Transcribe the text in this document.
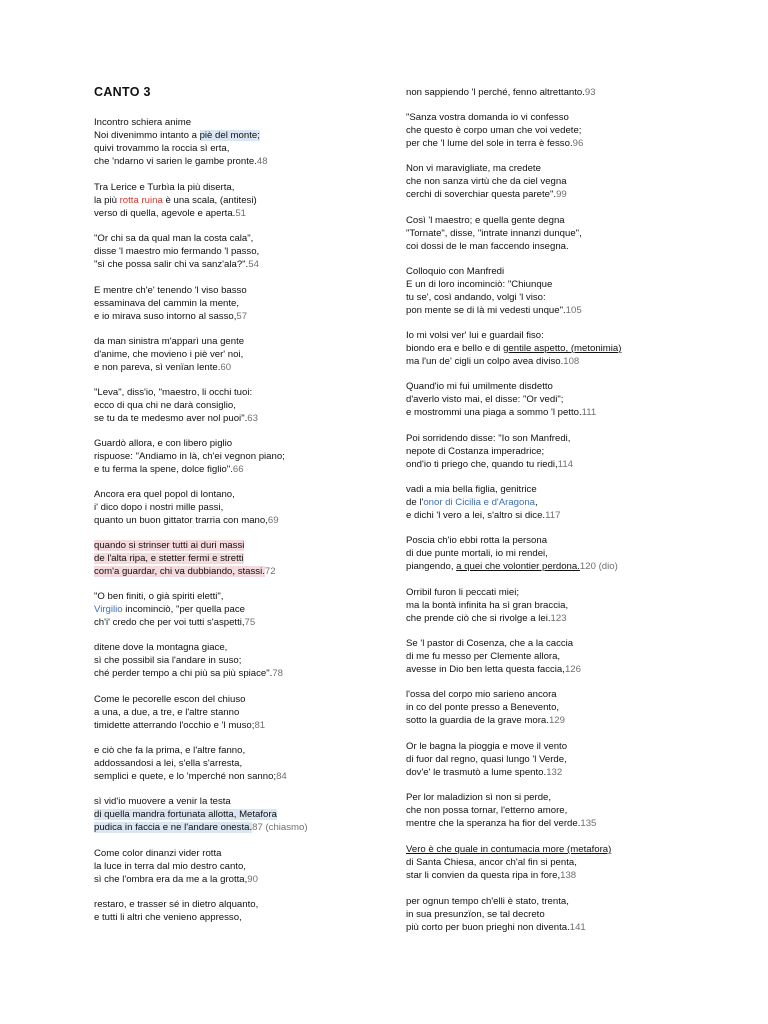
CANTO 3
Incontro schiera anime
Noi divenimmo intanto a piè del monte;
quivi trovammo la roccia sì erta,
che 'ndarno vi sarien le gambe pronte.48
Tra Lerice e Turbìa la più diserta,
la più rotta ruina è una scala, (antitesi)
verso di quella, agevole e aperta.51
"Or chi sa da qual man la costa cala",
disse 'l maestro mio fermando 'l passo,
"sì che possa salir chi va sanz'ala?".54
E mentre ch'e' tenendo 'l viso basso
essaminava del cammin la mente,
e io mirava suso intorno al sasso,57
da man sinistra m'apparì una gente
d'anime, che movieno i piè ver' noi,
e non pareva, sì venïan lente.60
"Leva", diss'io, "maestro, li occhi tuoi:
ecco di qua chi ne darà consiglio,
se tu da te medesmo aver nol puoi".63
Guardò allora, e con libero piglio
rispuose: "Andiamo in là, ch'ei vegnon piano;
e tu ferma la spene, dolce figlio".66
Ancora era quel popol di lontano,
i' dico dopo i nostri mille passi,
quanto un buon gittator trarria con mano,69
quando si strinser tutti ai duri massi
de l'alta ripa, e stetter fermi e stretti
com'a guardar, chi va dubbiando, stassi.72
"O ben finiti, o già spiriti eletti",
Virgilio incominciò, "per quella pace
ch'i' credo che per voi tutti s'aspetti,75
ditene dove la montagna giace,
sì che possibil sia l'andare in suso;
ché perder tempo a chi più sa più spiace".78
Come le pecorelle escon del chiuso
a una, a due, a tre, e l'altre stanno
timidette atterrando l'occhio e 'l muso;81
e ciò che fa la prima, e l'altre fanno,
addossandosi a lei, s'ella s'arresta,
semplici e quete, e lo 'mperché non sanno;84
sì vid'io muovere a venir la testa
di quella mandra fortunata allotta, Metafora
pudica in faccia e ne l'andare onesta.87 (chiasmo)
Come color dinanzi vider rotta
la luce in terra dal mio destro canto,
sì che l'ombra era da me a la grotta,90
restaro, e trasser sé in dietro alquanto,
e tutti li altri che venieno appresso,
non sappiendo 'l perché, fenno altrettanto.93
"Sanza vostra domanda io vi confesso
che questo è corpo uman che voi vedete;
per che 'l lume del sole in terra è fesso.96
Non vi maravigliate, ma credete
che non sanza virtù che da ciel vegna
cerchi di soverchiar questa parete".99
Così 'l maestro; e quella gente degna
"Tornate", disse, "intrate innanzi dunque",
coi dossi de le man faccendo insegna.
Colloquio con Manfredi
E un di loro incominciò: "Chiunque
tu se', così andando, volgi 'l viso:
pon mente se di là mi vedesti unque".105
Io mi volsi ver' lui e guardail fiso:
biondo era e bello e di gentile aspetto, (metonimia)
ma l'un de' cigli un colpo avea diviso.108
Quand'io mi fui umilmente disdetto
d'averlo visto mai, el disse: "Or vedi";
e mostrommi una piaga a sommo 'l petto.111
Poi sorridendo disse: "Io son Manfredi,
nepote di Costanza imperadrice;
ond'io ti priego che, quando tu riedi,114
vadi a mia bella figlia, genitrice
de l'onor di Cicilia e d'Aragona,
e dichi 'l vero a lei, s'altro si dice.117
Poscia ch'io ebbi rotta la persona
di due punte mortali, io mi rendei,
piangendo, a quei che volontier perdona.120 (dio)
Orribil furon li peccati miei;
ma la bontà infinita ha sì gran braccia,
che prende ciò che si rivolge a lei.123
Se 'l pastor di Cosenza, che a la caccia
di me fu messo per Clemente allora,
avesse in Dio ben letta questa faccia,126
l'ossa del corpo mio sarieno ancora
in co del ponte presso a Benevento,
sotto la guardia de la grave mora.129
Or le bagna la pioggia e move il vento
di fuor dal regno, quasi lungo 'l Verde,
dov'e' le trasmutò a lume spento.132
Per lor maladizion sì non si perde,
che non possa tornar, l'etterno amore,
mentre che la speranza ha fior del verde.135
Vero è che quale in contumacia more (metafora)
di Santa Chiesa, ancor ch'al fin si penta,
star li convien da questa ripa in fore,138
per ognun tempo ch'elli è stato, trenta,
in sua presunzïon, se tal decreto
più corto per buon prieghi non diventa.141
